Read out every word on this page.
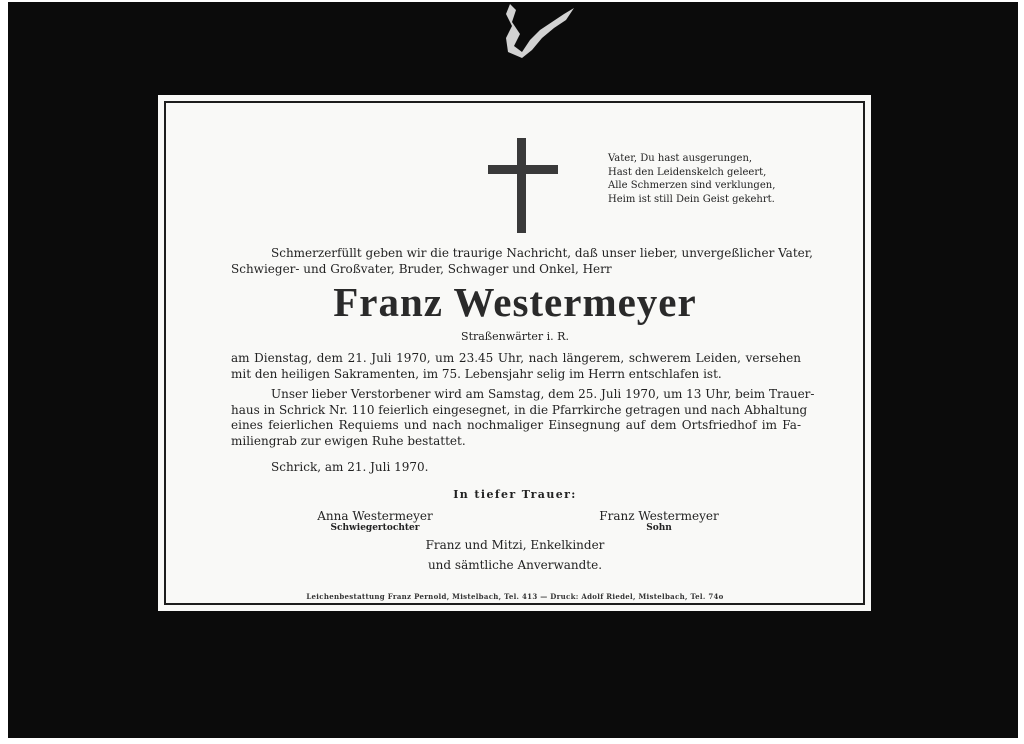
Vater, Du hast ausgerungen,
Hast den Leidenskelch geleert,
Alle Schmerzen sind verklungen,
Heim ist still Dein Geist gekehrt.
Schmerzerfüllt geben wir die traurige Nachricht, daß unser lieber, unvergeßlicher Vater,
Schwieger- und Großvater, Bruder, Schwager und Onkel, Herr
Franz Westermeyer
Straßenwärter i. R.
am Dienstag, dem 21. Juli 1970, um 23.45 Uhr, nach längerem, schwerem Leiden, versehen
mit den heiligen Sakramenten, im 75. Lebensjahr selig im Herrn entschlafen ist.
Unser lieber Verstorbener wird am Samstag, dem 25. Juli 1970, um 13 Uhr, beim Trauer-
haus in Schrick Nr. 110 feierlich eingesegnet, in die Pfarrkirche getragen und nach Abhaltung
eines feierlichen Requiems und nach nochmaliger Einsegnung auf dem Ortsfriedhof im Fa-
miliengrab zur ewigen Ruhe bestattet.
Schrick, am 21. Juli 1970.
In tiefer Trauer:
Anna Westermeyer
Schwiegertochter
Franz Westermeyer
Sohn
Franz und Mitzi, Enkelkinder
und sämtliche Anverwandte.
Leichenbestattung Franz Pernold, Mistelbach, Tel. 413 — Druck: Adolf Riedel, Mistelbach, Tel. 74o
